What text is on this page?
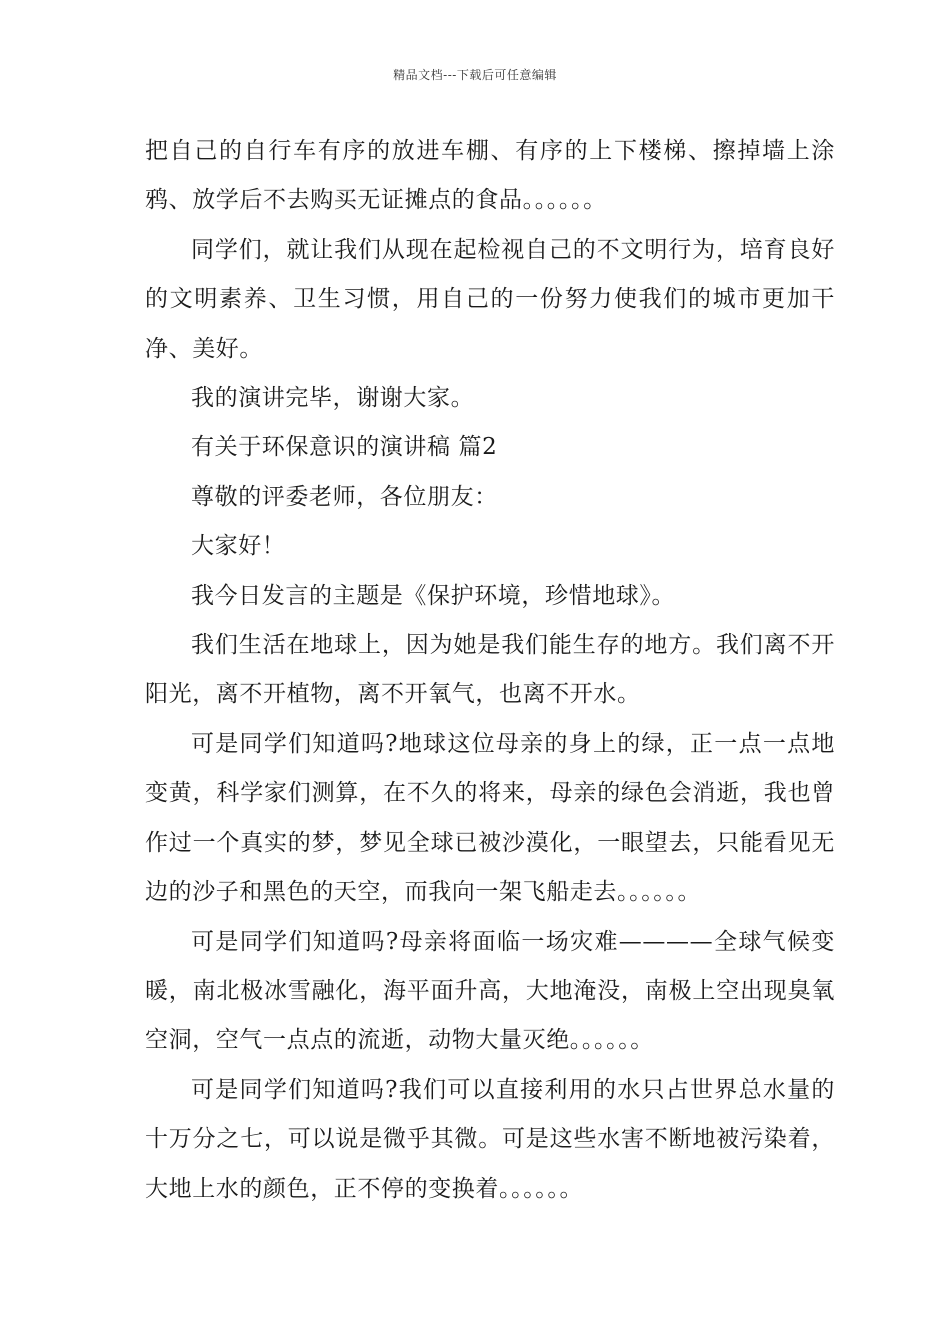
精品文档---下载后可任意编辑

把自己的自行车有序的放进车棚、有序的上下楼梯、擦掉墙上涂鸦、放学后不去购买无证摊点的食品。。。。。。

同学们，就让我们从现在起检视自己的不文明行为，培育良好的文明素养、卫生习惯，用自己的一份努力使我们的城市更加干净、美好。

我的演讲完毕，谢谢大家。

有关于环保意识的演讲稿 篇2

尊敬的评委老师，各位朋友：

大家好！

我今日发言的主题是《保护环境，珍惜地球》。

我们生活在地球上，因为她是我们能生存的地方。我们离不开阳光，离不开植物，离不开氧气，也离不开水。

可是同学们知道吗?地球这位母亲的身上的绿，正一点一点地变黄，科学家们测算，在不久的将来，母亲的绿色会消逝，我也曾作过一个真实的梦，梦见全球已被沙漠化，一眼望去，只能看见无边的沙子和黑色的天空，而我向一架飞船走去。。。。。。

可是同学们知道吗?母亲将面临一场灾难————全球气候变暖，南北极冰雪融化，海平面升高，大地淹没，南极上空出现臭氧空洞，空气一点点的流逝，动物大量灭绝。。。。。。

可是同学们知道吗?我们可以直接利用的水只占世界总水量的十万分之七，可以说是微乎其微。可是这些水害不断地被污染着，大地上水的颜色，正不停的变换着。。。。。。
